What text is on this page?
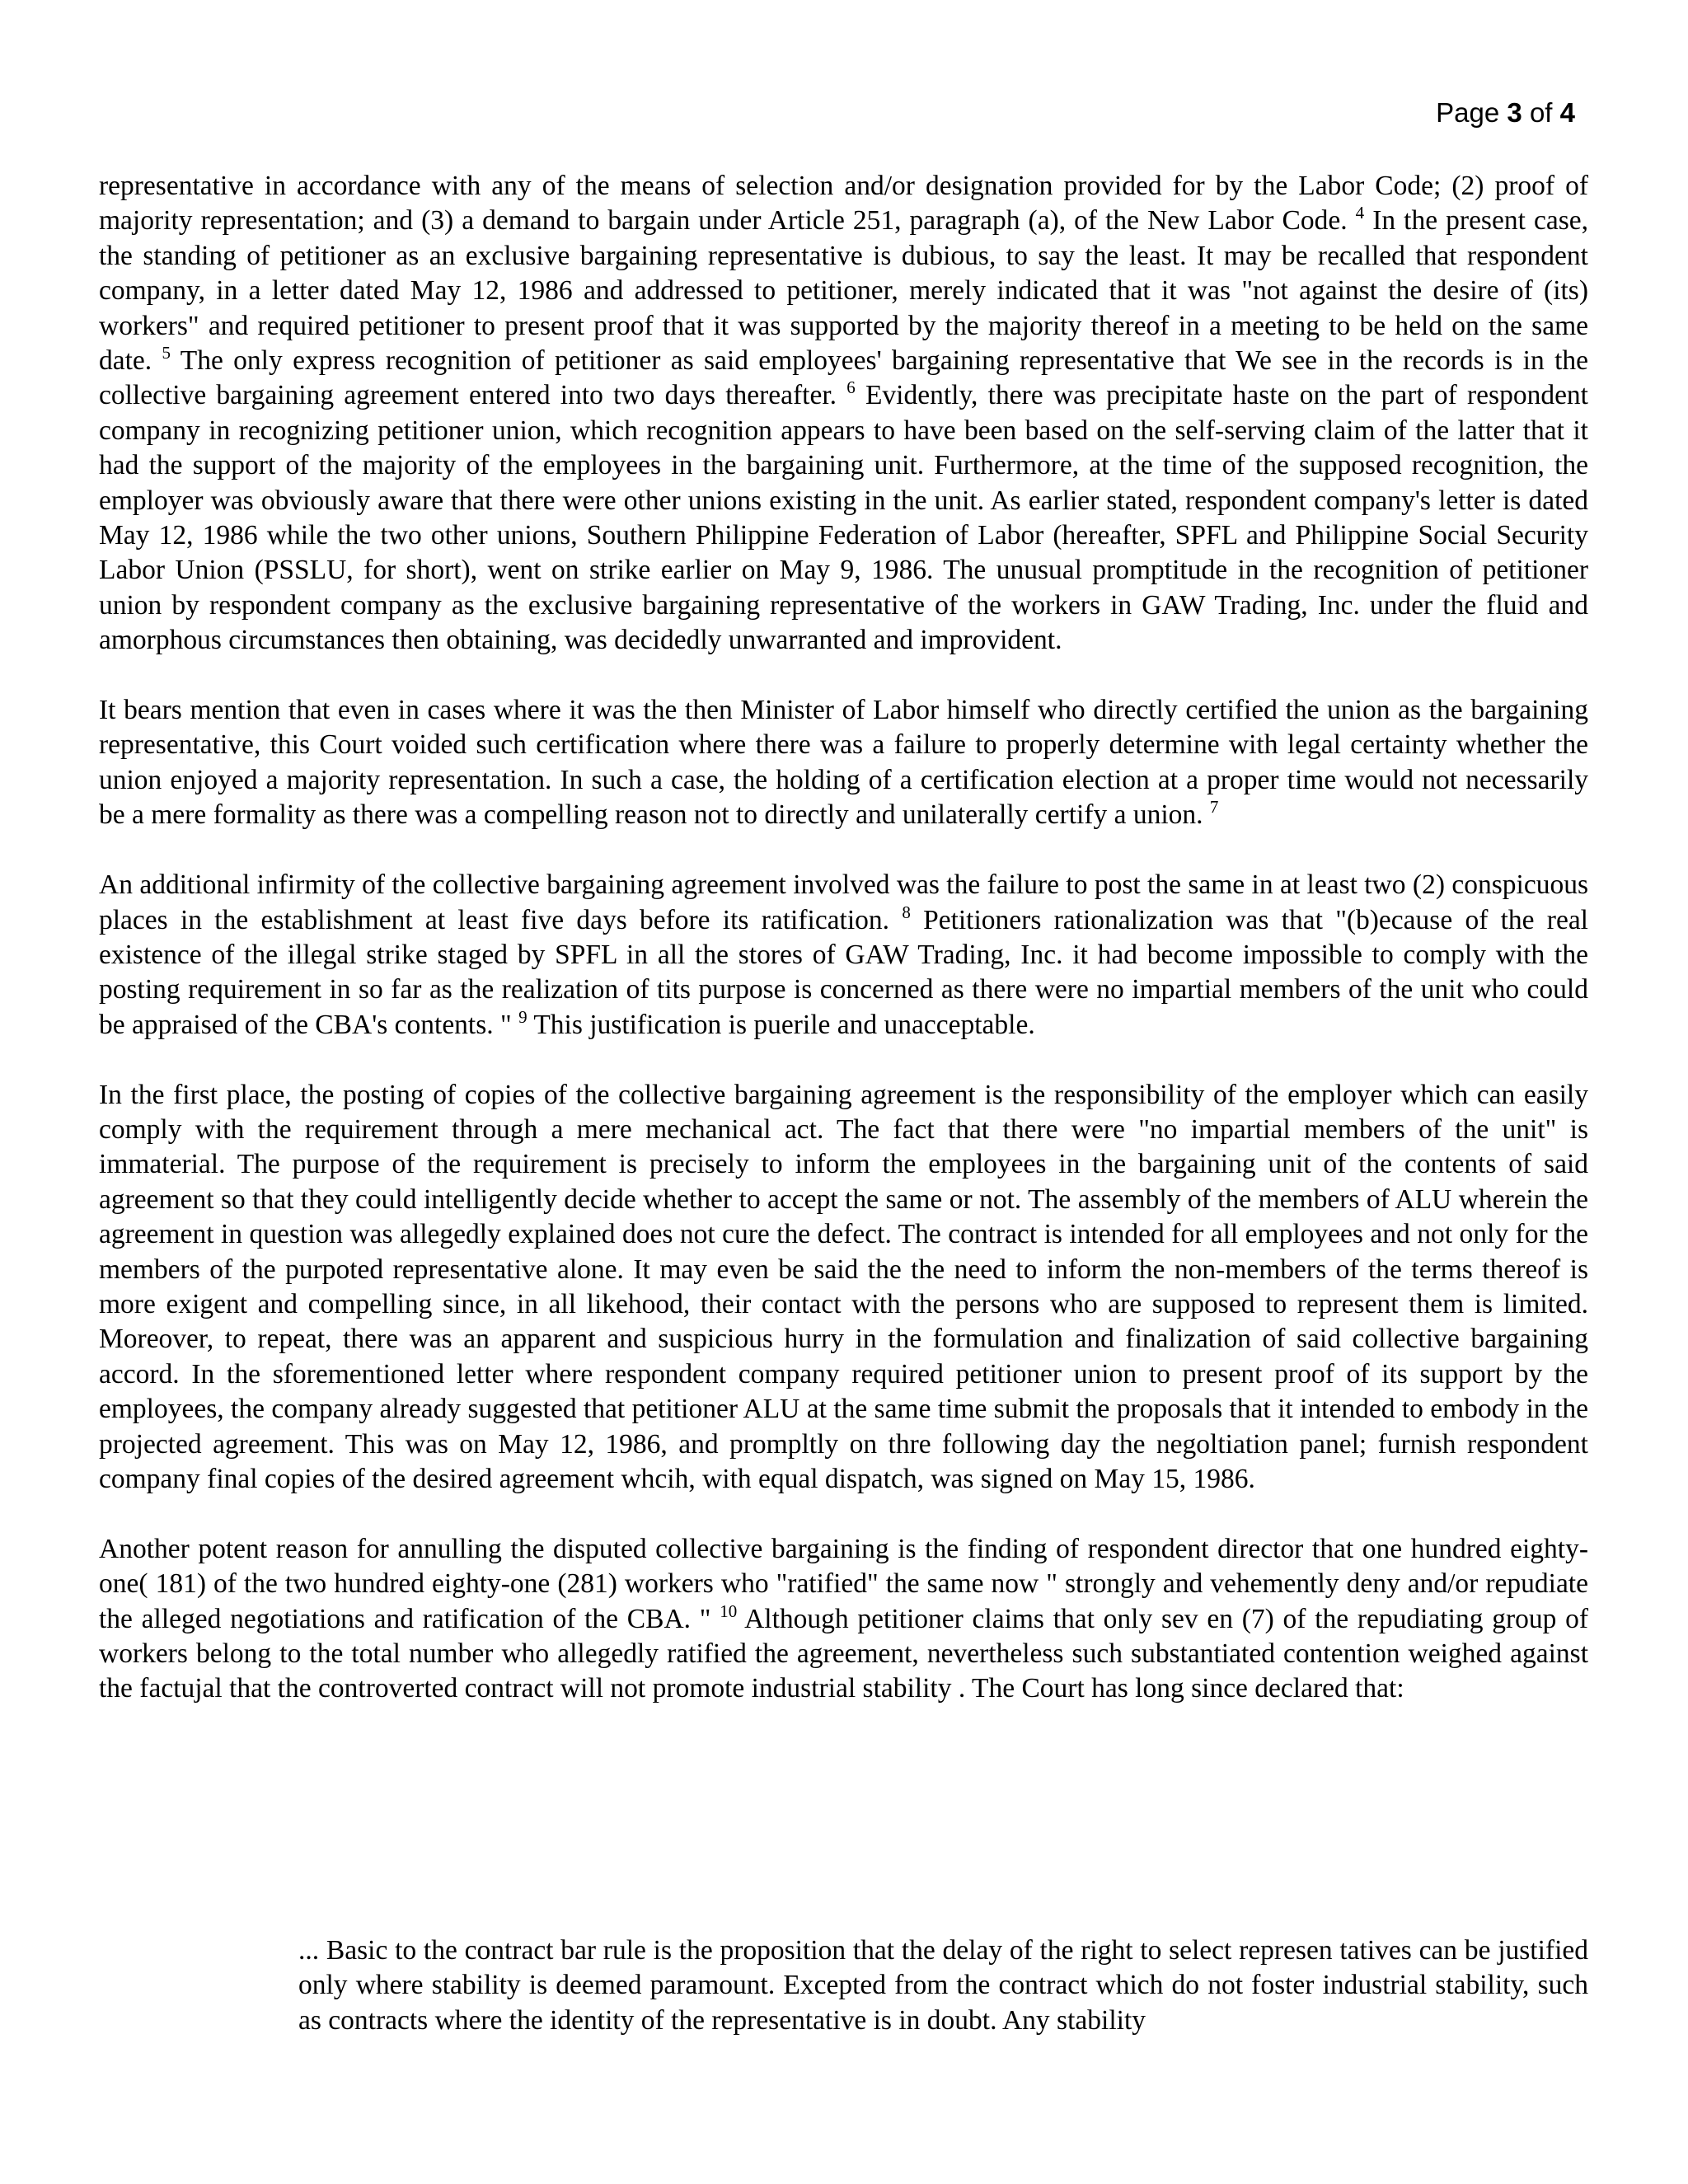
Page 3 of 4

representative in accordance with any of the means of selection and/or designation provided for by the Labor Code; (2) proof of majority representation; and (3) a demand to bargain under Article 251, paragraph (a), of the New Labor Code. $^4$ In the present case, the standing of petitioner as an exclusive bargaining representative is dubious, to say the least. It may be recalled that respondent company, in a letter dated May 12, 1986 and addressed to petitioner, merely indicated that it was "not against the desire of (its) workers" and required petitioner to present proof that it was supported by the majority thereof in a meeting to be held on the same date. $^5$ The only express recognition of petitioner as said employees' bargaining representative that We see in the records is in the collective bargaining agreement entered into two days thereafter. $^6$ Evidently, there was precipitate haste on the part of respondent company in recognizing petitioner union, which recognition appears to have been based on the self-serving claim of the latter that it had the support of the majority of the employees in the bargaining unit. Furthermore, at the time of the supposed recognition, the employer was obviously aware that there were other unions existing in the unit. As earlier stated, respondent company's letter is dated May 12, 1986 while the two other unions, Southern Philippine Federation of Labor (hereafter, SPFL and Philippine Social Security Labor Union (PSSLU, for short), went on strike earlier on May 9, 1986. The unusual promptitude in the recognition of petitioner union by respondent company as the exclusive bargaining representative of the workers in GAW Trading, Inc. under the fluid and amorphous circumstances then obtaining, was decidedly unwarranted and improvident.

It bears mention that even in cases where it was the then Minister of Labor himself who directly certified the union as the bargaining representative, this Court voided such certification where there was a failure to properly determine with legal certainty whether the union enjoyed a majority representation. In such a case, the holding of a certification election at a proper time would not necessarily be a mere formality as there was a compelling reason not to directly and unilaterally certify a union. $^7$

An additional infirmity of the collective bargaining agreement involved was the failure to post the same in at least two (2) conspicuous places in the establishment at least five days before its ratification. $^8$ Petitioners rationalization was that "(b)ecause of the real existence of the illegal strike staged by SPFL in all the stores of GAW Trading, Inc. it had become impossible to comply with the posting requirement in so far as the realization of tits purpose is concerned as there were no impartial members of the unit who could be appraised of the CBA's contents. " $^9$ This justification is puerile and unacceptable.

In the first place, the posting of copies of the collective bargaining agreement is the responsibility of the employer which can easily comply with the requirement through a mere mechanical act. The fact that there were "no impartial members of the unit" is immaterial. The purpose of the requirement is precisely to inform the employees in the bargaining unit of the contents of said agreement so that they could intelligently decide whether to accept the same or not. The assembly of the members of ALU wherein the agreement in question was allegedly explained does not cure the defect. The contract is intended for all employees and not only for the members of the purpoted representative alone. It may even be said the the need to inform the non-members of the terms thereof is more exigent and compelling since, in all likehood, their contact with the persons who are supposed to represent them is limited. Moreover, to repeat, there was an apparent and suspicious hurry in the formulation and finalization of said collective bargaining accord. In the sforementioned letter where respondent company required petitioner union to present proof of its support by the employees, the company already suggested that petitioner ALU at the same time submit the proposals that it intended to embody in the projected agreement. This was on May 12, 1986, and prompltly on thre following day the negoltiation panel; furnish respondent company final copies of the desired agreement whcih, with equal dispatch, was signed on May 15, 1986.

Another potent reason for annulling the disputed collective bargaining is the finding of respondent director that one hundred eighty-one( 181) of the two hundred eighty-one (281) workers who "ratified" the same now " strongly and vehemently deny and/or repudiate the alleged negotiations and ratification of the CBA. " $^{10}$ Although petitioner claims that only sev en (7) of the repudiating group of workers belong to the total number who allegedly ratified the agreement, nevertheless such substantiated contention weighed against the factujal that the controverted contract will not promote industrial stability . The Court has long since declared that:

... Basic to the contract bar rule is the proposition that the delay of the right to select represen tatives can be justified only where stability is deemed paramount. Excepted from the contract which do not foster industrial stability, such as contracts where the identity of the representative is in doubt. Any stability
